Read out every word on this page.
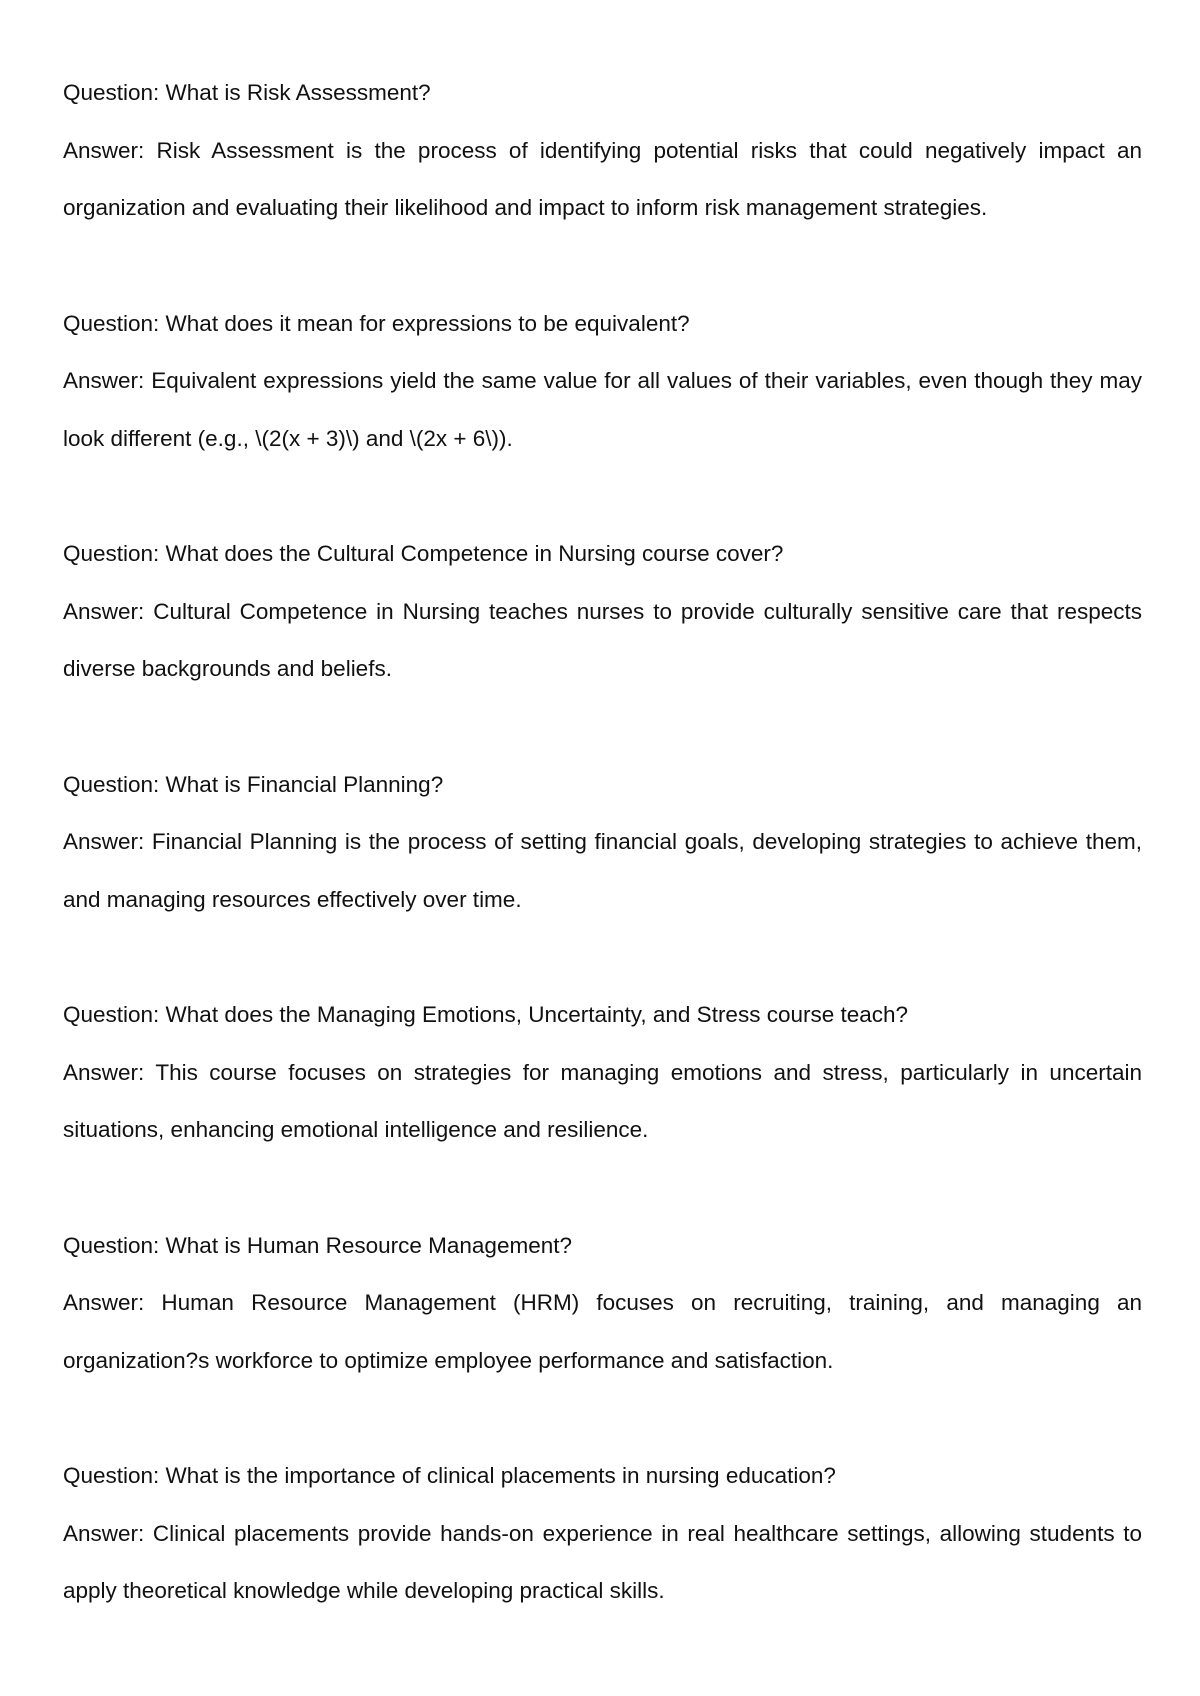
Question: What is Risk Assessment?

Answer: Risk Assessment is the process of identifying potential risks that could negatively impact an organization and evaluating their likelihood and impact to inform risk management strategies.

Question: What does it mean for expressions to be equivalent?

Answer: Equivalent expressions yield the same value for all values of their variables, even though they may look different (e.g., \(2(x + 3)\) and \(2x + 6\)).

Question: What does the Cultural Competence in Nursing course cover?

Answer: Cultural Competence in Nursing teaches nurses to provide culturally sensitive care that respects diverse backgrounds and beliefs.

Question: What is Financial Planning?

Answer: Financial Planning is the process of setting financial goals, developing strategies to achieve them, and managing resources effectively over time.

Question: What does the Managing Emotions, Uncertainty, and Stress course teach?

Answer: This course focuses on strategies for managing emotions and stress, particularly in uncertain situations, enhancing emotional intelligence and resilience.

Question: What is Human Resource Management?

Answer: Human Resource Management (HRM) focuses on recruiting, training, and managing an organization?s workforce to optimize employee performance and satisfaction.

Question: What is the importance of clinical placements in nursing education?

Answer: Clinical placements provide hands-on experience in real healthcare settings, allowing students to apply theoretical knowledge while developing practical skills.
